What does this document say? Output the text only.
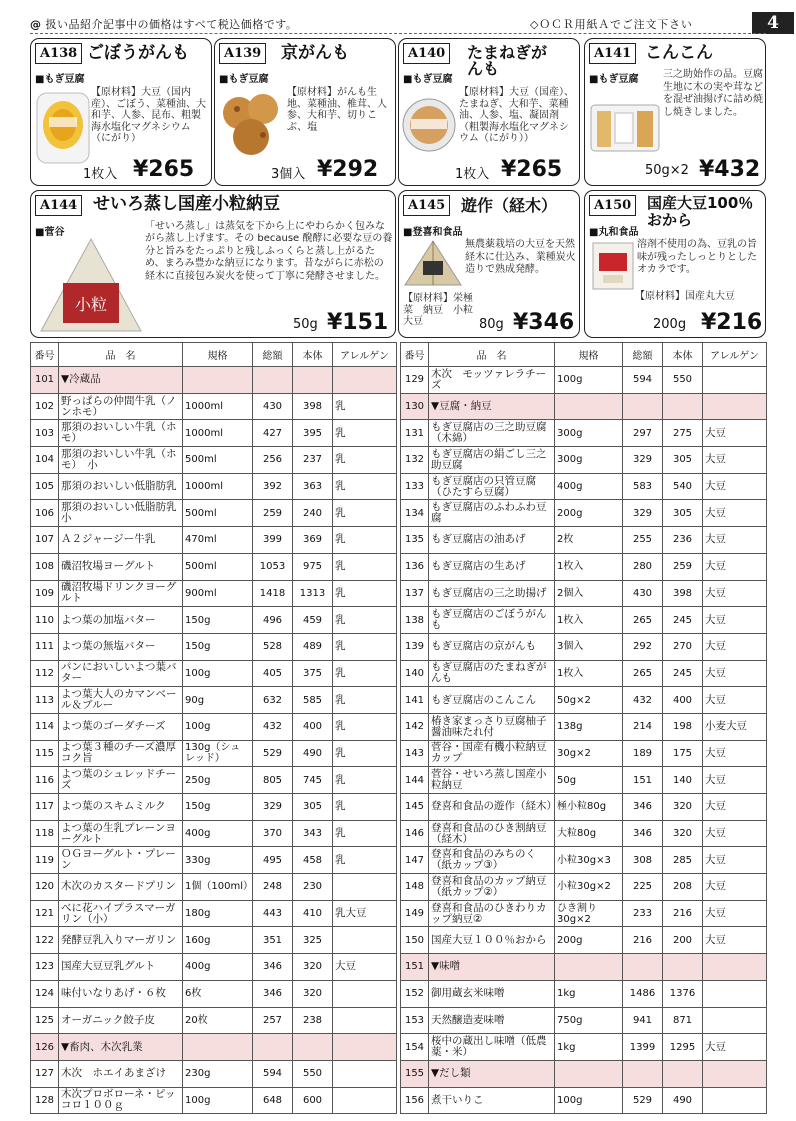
@ 扱い品紹介記事中の価格はすべて税込価格です。	◇ＯＣＲ用紙Ａでご注文下さい	4
A138 ごぼうがんも
■ もぎ豆腐
【原材料】大豆（国内産）、ごぼう、菜種油、大和芋、人参、昆布、粗製海水塩化マグネシウム（にがり）
1枚入 ¥265
A139 京がんも
■ もぎ豆腐
【原材料】がんも生地、菜種油、椎茸、人参、大和芋、切りこぶ、塩
3個入 ¥292
A140	たまねぎがんも
■ もぎ豆腐
【原材料】大豆（国産）、たまねぎ、大和芋、菜種油、人参、塩、凝固剤（粗製海水塩化マグネシウム（にがり））
1枚入 ¥265
A141 こんこん
■ もぎ豆腐 三之助始作の品。豆腐生地に木の実や茸などを混ぜ油揚げに詰め焼し焼きしました。
50g×2 ¥432
A144 せいろ蒸し国産小粒納豆
■ 菅谷
小粒
「せいろ蒸し」は蒸気を下から上にやわらかく包みながら蒸し上げます。その because 醗酵に必要な豆の養分と旨みをたっぷりと残しふっくらと蒸し上がるため、まろみ豊かな納豆になります。昔ながらに赤松の経木に直接包み炭火を使って丁寧に発酵させました。
50g ¥151
A145 遊作（経木）
■ 登喜和食品
無農薬栽培の大豆を天然経木に仕込み、業種炭火造りで熟成発酵。
【原材料】栄極菜　納豆　小粒大豆	80g ¥346
A150	国産大豆100％おから
■ 丸和食品
溶剤不使用の為、豆乳の旨味が残ったしっとりとしたオカラです。
【原材料】国産丸大豆
200g ¥216
番号	品　名	規格	総額	本体	アレルゲン
101	▼冷蔵品				
102	野っぱらの仲間牛乳（ノンホモ）	1000ml	430	398	乳
103	那須のおいしい牛乳（ホモ）	1000ml	427	395	乳
104	那須のおいしい牛乳（ホモ）　小	500ml	256	237	乳
105	那須のおいしい低脂肪乳	1000ml	392	363	乳
106	那須のおいしい低脂肪乳　小	500ml	259	240	乳
107	Ａ２ジャージー牛乳	470ml	399	369	乳
108	磯沼牧場ヨーグルト	500ml	1053	975	乳
109	磯沼牧場ドリンクヨーグルト	900ml	1418	1313	乳
110	よつ葉の加塩バター	150g	496	459	乳
111	よつ葉の無塩バター	150g	528	489	乳
112	パンにおいしいよつ葉バター	100g	405	375	乳
113	よつ葉大人のカマンベール＆ブルー	90g	632	585	乳
114	よつ葉のゴーダチーズ	100g	432	400	乳
115	よつ葉３種のチーズ濃厚コク旨	130g（シュレッド）	529	490	乳
116	よつ葉のシュレッドチーズ	250g	805	745	乳
117	よつ葉のスキムミルク	150g	329	305	乳
118	よつ葉の生乳プレーンヨーグルト	400g	370	343	乳
119	ＯＧヨーグルト・プレーン	330g	495	458	乳
120	木次のカスタードプリン	1個（100ml）	248	230	
121	べに花ハイプラスマーガリン（小）	180g	443	410	乳大豆
122	発酵豆乳入りマーガリン	160g	351	325	
123	国産大豆豆乳グルト	400g	346	320	大豆
124	味付いなりあげ・６枚	6枚	346	320	
125	オーガニック餃子皮	20枚	257	238	
126	▼畜肉、木次乳業				
127	木次　ホエイあまざけ	230g	594	550	
128	木次プロボローネ・ピッコロ１００ｇ	100g	648	600	
番号	品　名	規格	総額	本体	アレルゲン
129	木次　モッツァレラチーズ	100g	594	550	
130	▼豆腐・納豆				
131	もぎ豆腐店の三之助豆腐（木綿）	300g	297	275	大豆
132	もぎ豆腐店の絹ごし三之助豆腐	300g	329	305	大豆
133	もぎ豆腐店の只管豆腐（ひたすら豆腐）	400g	583	540	大豆
134	もぎ豆腐店のふわふわ豆腐	200g	329	305	大豆
135	もぎ豆腐店の油あげ	2枚	255	236	大豆
136	もぎ豆腐店の生あげ	1枚入	280	259	大豆
137	もぎ豆腐店の三之助揚げ	2個入	430	398	大豆
138	もぎ豆腐店のごぼうがんも	1枚入	265	245	大豆
139	もぎ豆腐店の京がんも	3個入	292	270	大豆
140	もぎ豆腐店のたまねぎがんも	1枚入	265	245	大豆
141	もぎ豆腐店のこんこん	50g×2	432	400	大豆
142	椿き家まっさり豆腐柚子醤油味たれ付	138g	214	198	小麦大豆
143	菅谷・国産有機小粒納豆カップ	30g×2	189	175	大豆
144	菅谷・せいろ蒸し国産小粒納豆	50g	151	140	大豆
145	登喜和食品の遊作（経木）	極小粒80g	346	320	大豆
146	登喜和食品のひき割納豆（経木）	大粒80g	346	320	大豆
147	登喜和食品のみちのく（紙カップ③）	小粒30g×3	308	285	大豆
148	登喜和食品のカップ納豆（紙カップ②）	小粒30g×2	225	208	大豆
149	登喜和食品のひきわりカップ納豆②	ひき割り30g×2	233	216	大豆
150	国産大豆１００％おから	200g	216	200	大豆
151	▼味噌				
152	御用蔵玄米味噌	1kg	1486	1376	
153	天然醸造麦味噌	750g	941	871	
154	桜中の蔵出し味噌（低農薬・米）	1kg	1399	1295	大豆
155	▼だし類				
156	煮干いりこ	100g	529	490	
